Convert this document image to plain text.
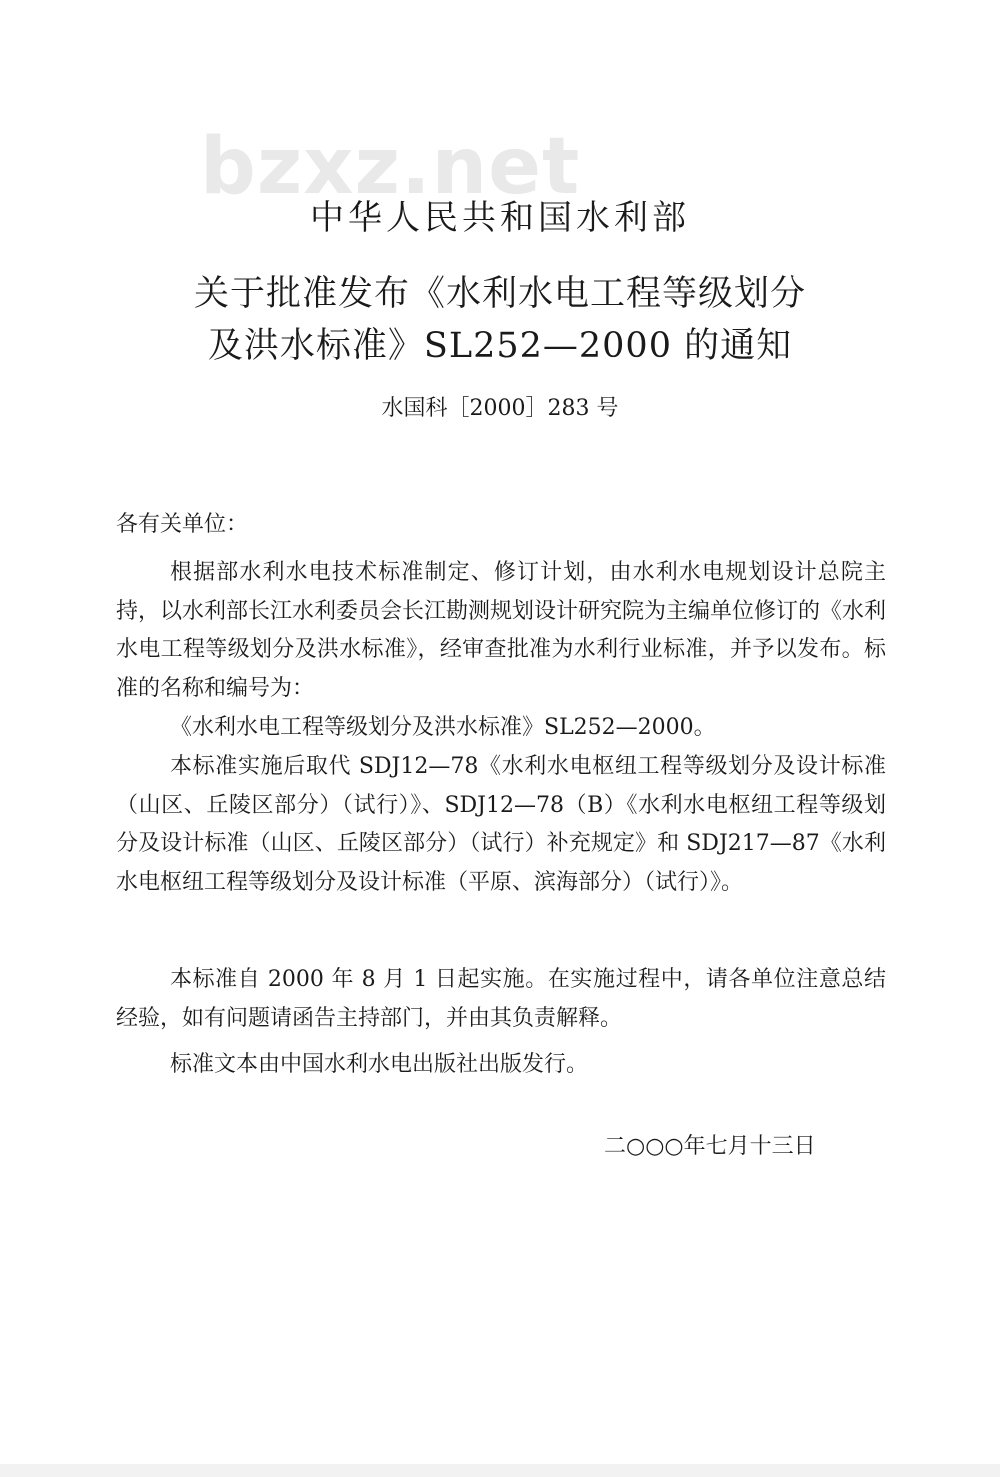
bzxz.net
中华人民共和国水利部
关于批准发布《水利水电工程等级划分
及洪水标准》SL252—2000 的通知
水国科［2000］283 号
各有关单位：

根据部水利水电技术标准制定、修订计划，由水利水电规划设计总院主持，以水利部长江水利委员会长江勘测规划设计研究院为主编单位修订的《水利水电工程等级划分及洪水标准》，经审查批准为水利行业标准，并予以发布。标准的名称和编号为：

《水利水电工程等级划分及洪水标准》SL252—2000。

本标准实施后取代 SDJ12—78《水利水电枢纽工程等级划分及设计标准（山区、丘陵区部分）（试行）》、SDJ12—78（B）《水利水电枢纽工程等级划分及设计标准（山区、丘陵区部分）（试行）补充规定》和 SDJ217—87《水利水电枢纽工程等级划分及设计标准（平原、滨海部分）（试行）》。

本标准自 2000 年 8 月 1 日起实施。在实施过程中，请各单位注意总结经验，如有问题请函告主持部门，并由其负责解释。

标准文本由中国水利水电出版社出版发行。

二○○○年七月十三日
